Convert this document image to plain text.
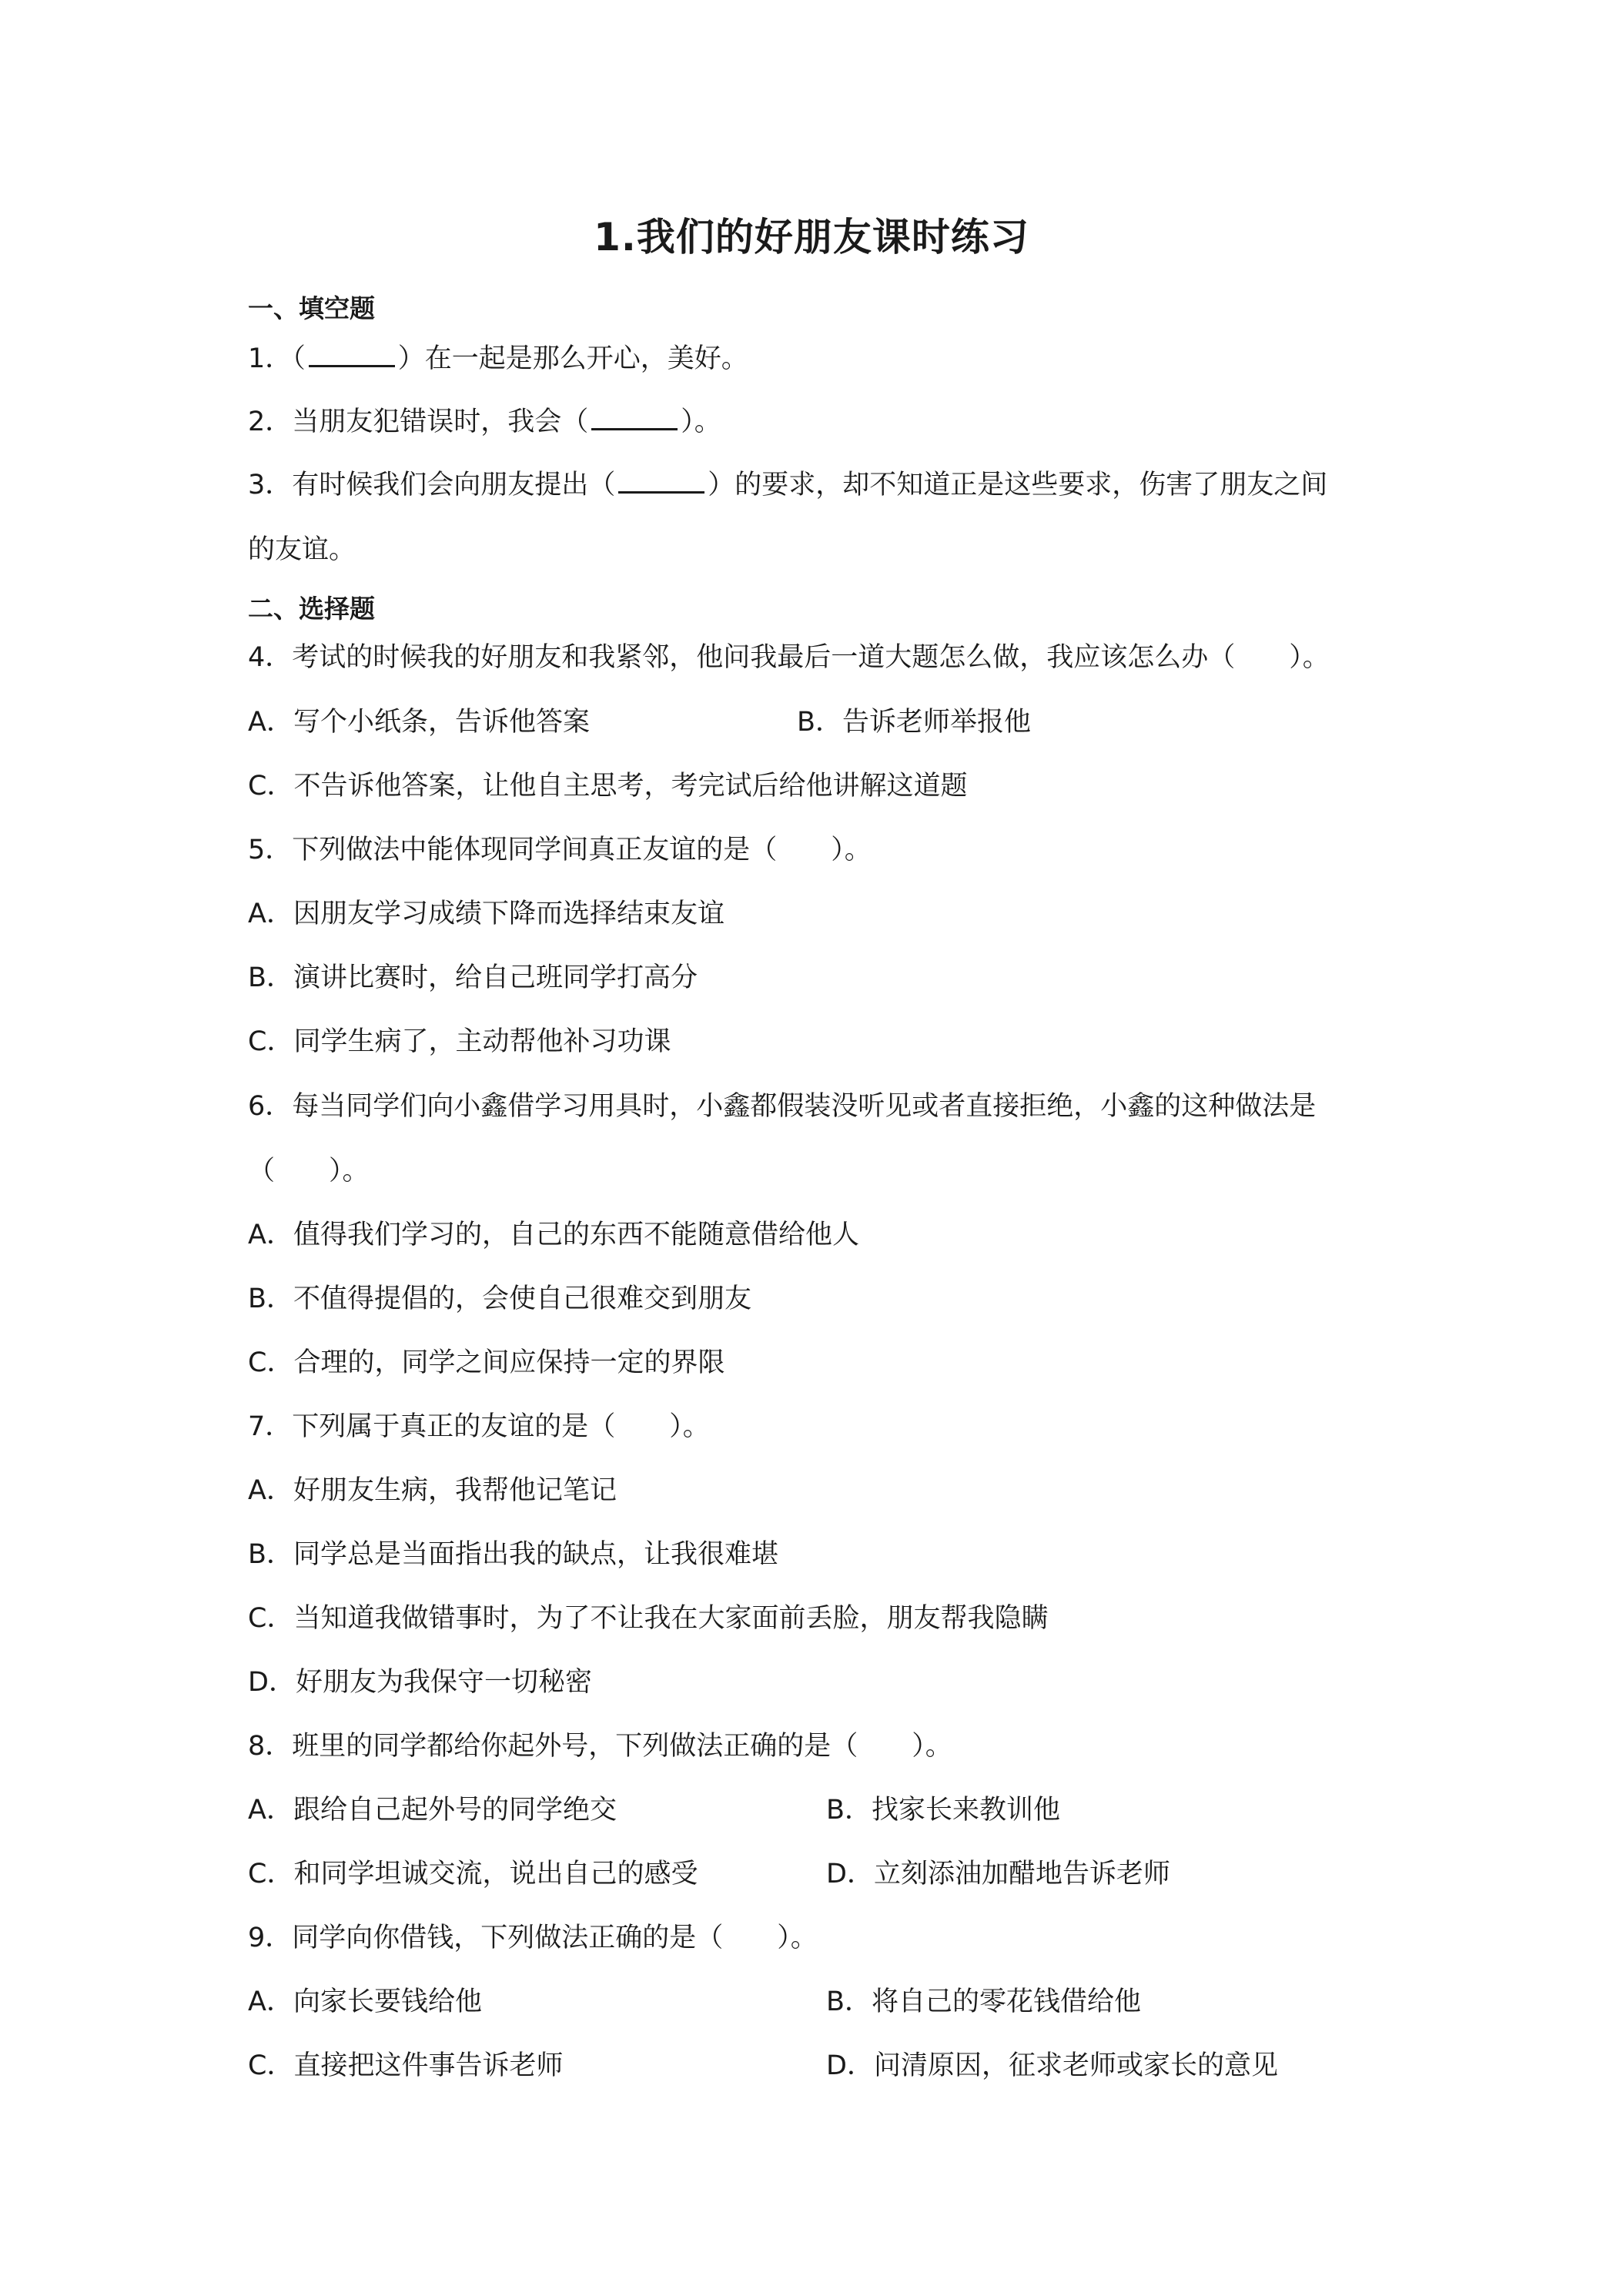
1.我们的好朋友课时练习
一、填空题
1．（	）在一起是那么开心，美好。
2．当朋友犯错误时，我会（	）。
3．有时候我们会向朋友提出（	）的要求，却不知道正是这些要求，伤害了朋友之间
的友谊。
二、选择题
4．考试的时候我的好朋友和我紧邻，他问我最后一道大题怎么做，我应该怎么办（　　）。
A．写个小纸条，告诉他答案	B．告诉老师举报他
C．不告诉他答案，让他自主思考，考完试后给他讲解这道题
5．下列做法中能体现同学间真正友谊的是（　　）。
A．因朋友学习成绩下降而选择结束友谊
B．演讲比赛时，给自己班同学打高分
C．同学生病了，主动帮他补习功课
6．每当同学们向小鑫借学习用具时，小鑫都假装没听见或者直接拒绝，小鑫的这种做法是
（　　）。
A．值得我们学习的，自己的东西不能随意借给他人
B．不值得提倡的，会使自己很难交到朋友
C．合理的，同学之间应保持一定的界限
7．下列属于真正的友谊的是（　　）。
A．好朋友生病，我帮他记笔记
B．同学总是当面指出我的缺点，让我很难堪
C．当知道我做错事时，为了不让我在大家面前丢脸，朋友帮我隐瞒
D．好朋友为我保守一切秘密
8．班里的同学都给你起外号，下列做法正确的是（　　）。
A．跟给自己起外号的同学绝交	B．找家长来教训他
C．和同学坦诚交流，说出自己的感受	D．立刻添油加醋地告诉老师
9．同学向你借钱，下列做法正确的是（　　）。
A．向家长要钱给他	B．将自己的零花钱借给他
C．直接把这件事告诉老师	D．问清原因，征求老师或家长的意见
